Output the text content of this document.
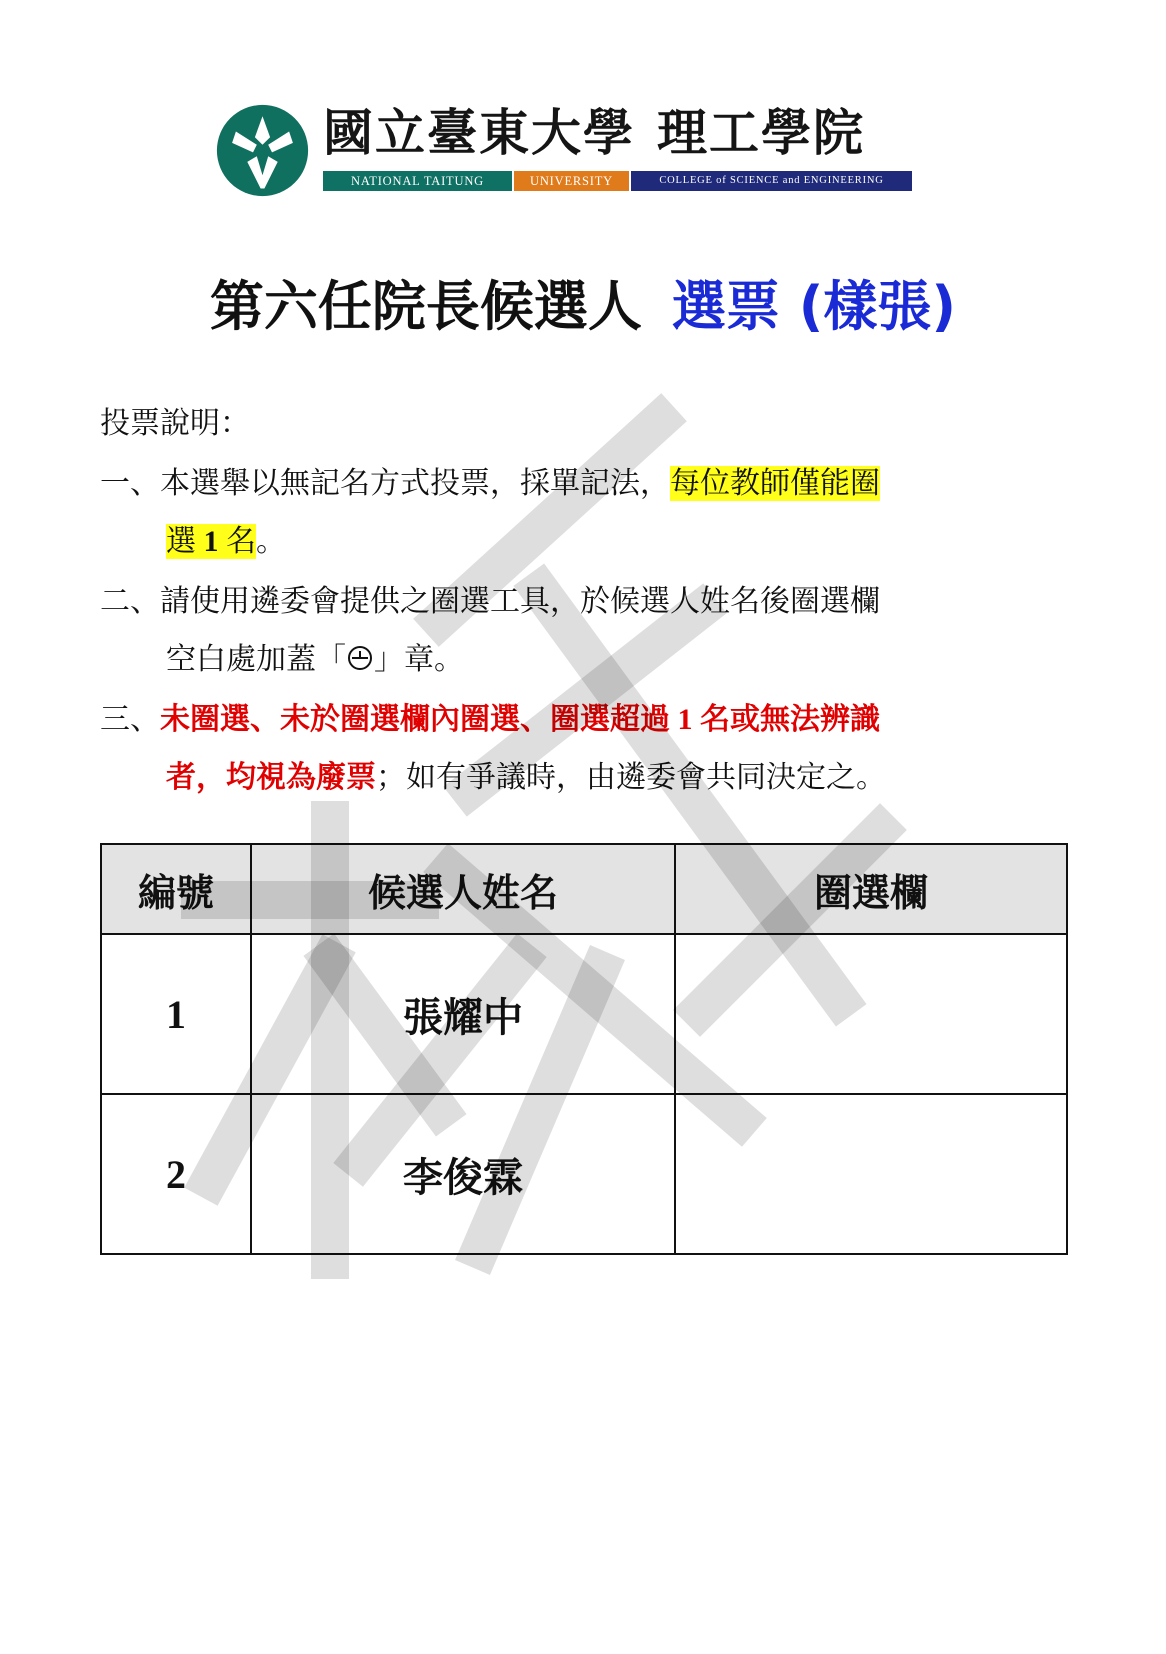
國立臺東大學 理工學院
NATIONAL TAITUNG	UNIVERSITY	COLLEGE of SCIENCE and ENGINEERING
第六任院長候選人 選票 (樣張)
投票說明：
一、本選舉以無記名方式投票，採單記法，每位教師僅能圈
選 1 名。
二、請使用遴委會提供之圈選工具，於候選人姓名後圈選欄
空白處加蓋「 」章。
三、未圈選、未於圈選欄內圈選、圈選超過 1 名或無法辨識
者，均視為廢票；如有爭議時，由遴委會共同決定之。
編號	候選人姓名	圈選欄
1	張耀中	
2	李俊霖	
